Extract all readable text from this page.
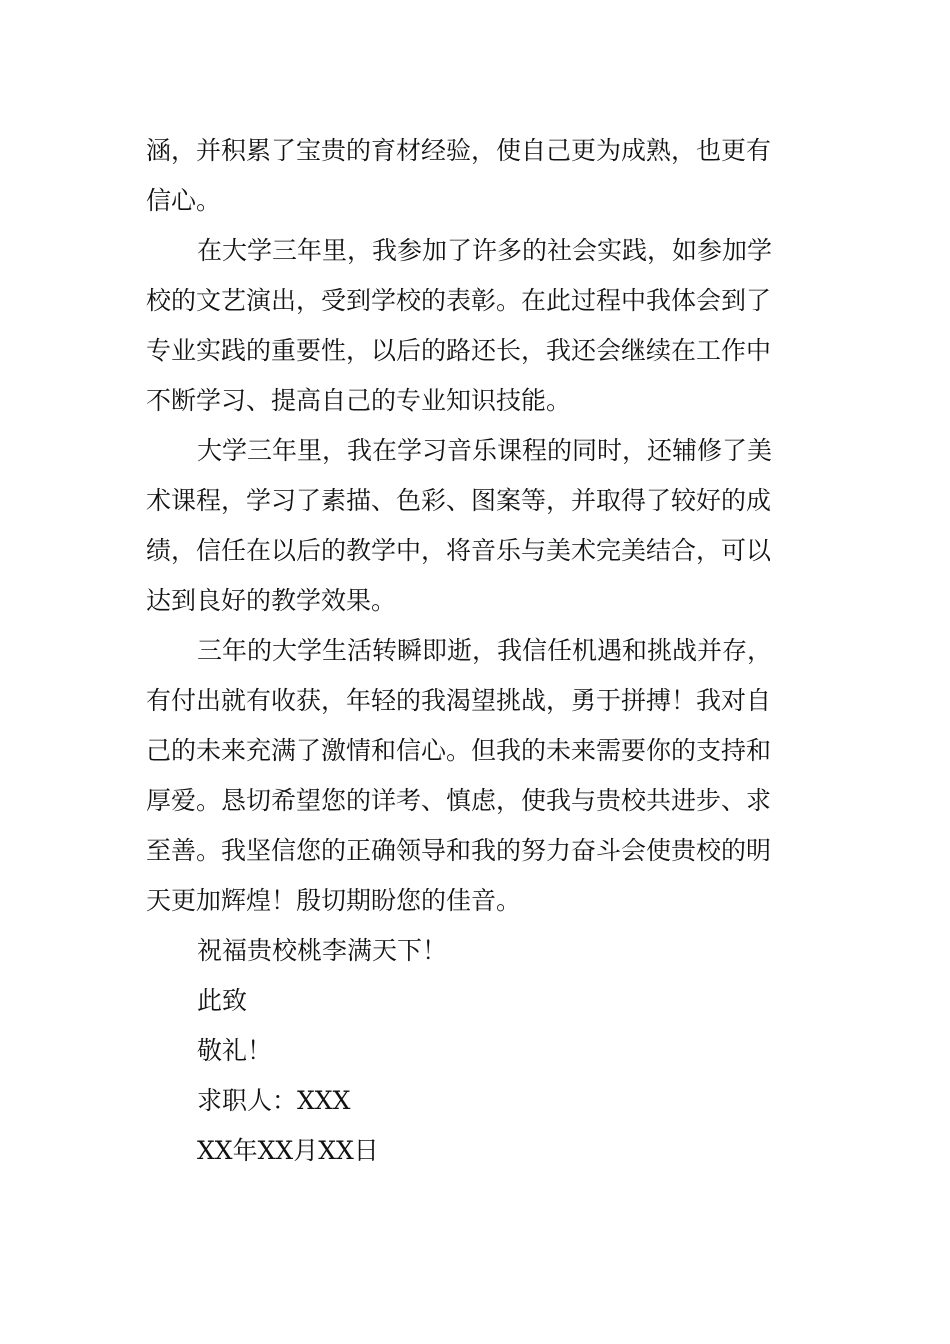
涵，并积累了宝贵的育材经验，使自己更为成熟，也更有
信心。
在大学三年里，我参加了许多的社会实践，如参加学
校的文艺演出，受到学校的表彰。在此过程中我体会到了
专业实践的重要性，以后的路还长，我还会继续在工作中
不断学习、提高自己的专业知识技能。
大学三年里，我在学习音乐课程的同时，还辅修了美
术课程，学习了素描、色彩、图案等，并取得了较好的成
绩，信任在以后的教学中，将音乐与美术完美结合，可以
达到良好的教学效果。
三年的大学生活转瞬即逝，我信任机遇和挑战并存，
有付出就有收获，年轻的我渴望挑战，勇于拼搏！我对自
己的未来充满了激情和信心。但我的未来需要你的支持和
厚爱。恳切希望您的详考、慎虑，使我与贵校共进步、求
至善。我坚信您的正确领导和我的努力奋斗会使贵校的明
天更加辉煌！殷切期盼您的佳音。
祝福贵校桃李满天下！
此致
敬礼！
求职人：XXX
XX年XX月XX日
